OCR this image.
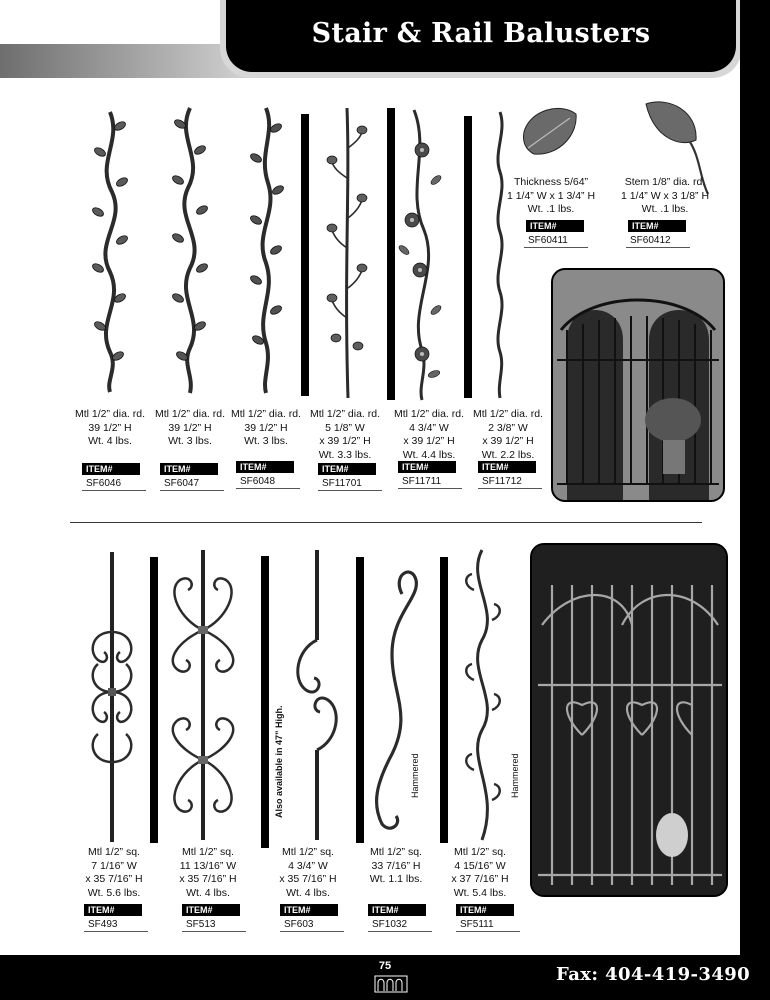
Stair & Rail Balusters
Thickness 5/64”
1 1/4” W x 1 3/4” H
Wt. .1 lbs.
ITEM#
SF60411
Stem 1/8” dia. rd.
1 1/4” W x 3 1/8” H
Wt. .1 lbs.
ITEM#
SF60412
Mtl 1/2” dia. rd.
39 1/2” H
Wt. 4 lbs.
ITEM#
SF6046
Mtl 1/2” dia. rd.
39 1/2” H
Wt. 3 lbs.
ITEM#
SF6047
Mtl 1/2” dia. rd.
39 1/2” H
Wt. 3 lbs.
ITEM#
SF6048
Mtl 1/2” dia. rd.
5 1/8” W
x 39 1/2” H
Wt. 3.3 lbs.
ITEM#
SF11701
Mtl 1/2” dia. rd.
4 3/4” W
x 39 1/2” H
Wt. 4.4 lbs.
ITEM#
SF11711
Mtl 1/2” dia. rd.
2 3/8” W
x 39 1/2” H
Wt. 2.2 lbs.
ITEM#
SF11712
Also available in 47” High.	Hammered	Hammered
Mtl 1/2” sq.
7 1/16” W
x 35 7/16” H
Wt. 5.6 lbs.
ITEM#
SF493
Mtl 1/2” sq.
11 13/16” W
x 35 7/16” H
Wt. 4 lbs.
ITEM#
SF513
Mtl 1/2” sq.
4 3/4” W
x 35 7/16” H
Wt. 4 lbs.
ITEM#
SF603
Mtl 1/2” sq.
33 7/16” H
Wt. 1.1 lbs.
ITEM#
SF1032
Mtl 1/2” sq.
4 15/16” W
x 37 7/16” H
Wt. 5.4 lbs.
ITEM#
SF5111
75	Fax: 404-419-3490
